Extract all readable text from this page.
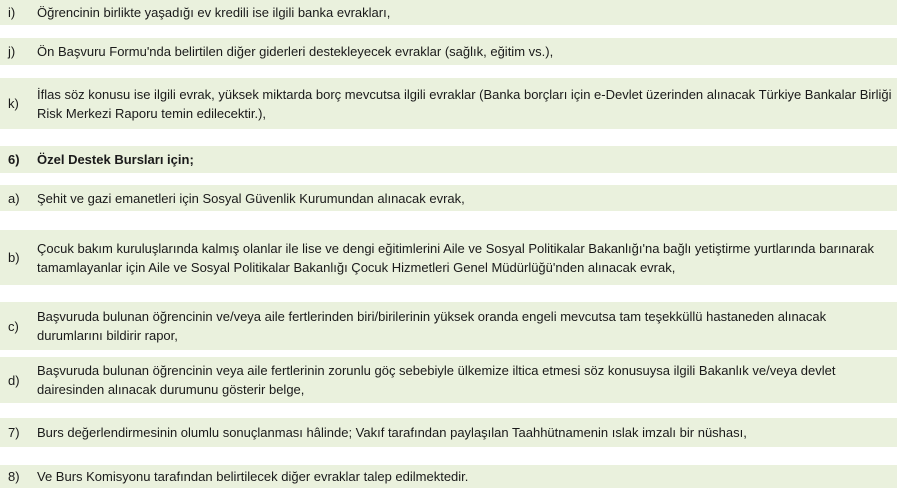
i)	Öğrencinin birlikte yaşadığı ev kredili ise ilgili banka evrakları,
j)	Ön Başvuru Formu'nda belirtilen diğer giderleri destekleyecek evraklar (sağlık, eğitim vs.),
k)
İflas söz konusu ise ilgili evrak, yüksek miktarda borç mevcutsa ilgili evraklar (Banka borçları için e-Devlet üzerinden alınacak Türkiye Bankalar Birliği Risk Merkezi Raporu temin edilecektir.),
6)	Özel Destek Bursları için;
a)	Şehit ve gazi emanetleri için Sosyal Güvenlik Kurumundan alınacak evrak,
b)
Çocuk bakım kuruluşlarında kalmış olanlar ile lise ve dengi eğitimlerini Aile ve Sosyal Politikalar Bakanlığı'na bağlı yetiştirme yurtlarında barınarak tamamlayanlar için Aile ve Sosyal Politikalar Bakanlığı Çocuk Hizmetleri Genel Müdürlüğü'nden alınacak evrak,
c)
Başvuruda bulunan öğrencinin ve/veya aile fertlerinden biri/birilerinin yüksek oranda engeli mevcutsa tam teşekküllü hastaneden alınacak durumlarını bildirir rapor,
d)
Başvuruda bulunan öğrencinin veya aile fertlerinin zorunlu göç sebebiyle ülkemize iltica etmesi söz konusuysa ilgili Bakanlık ve/veya devlet dairesinden alınacak durumunu gösterir belge,
7)	Burs değerlendirmesinin olumlu sonuçlanması hâlinde; Vakıf tarafından paylaşılan Taahhütnamenin ıslak imzalı bir nüshası,
8)	Ve Burs Komisyonu tarafından belirtilecek diğer evraklar talep edilmektedir.
